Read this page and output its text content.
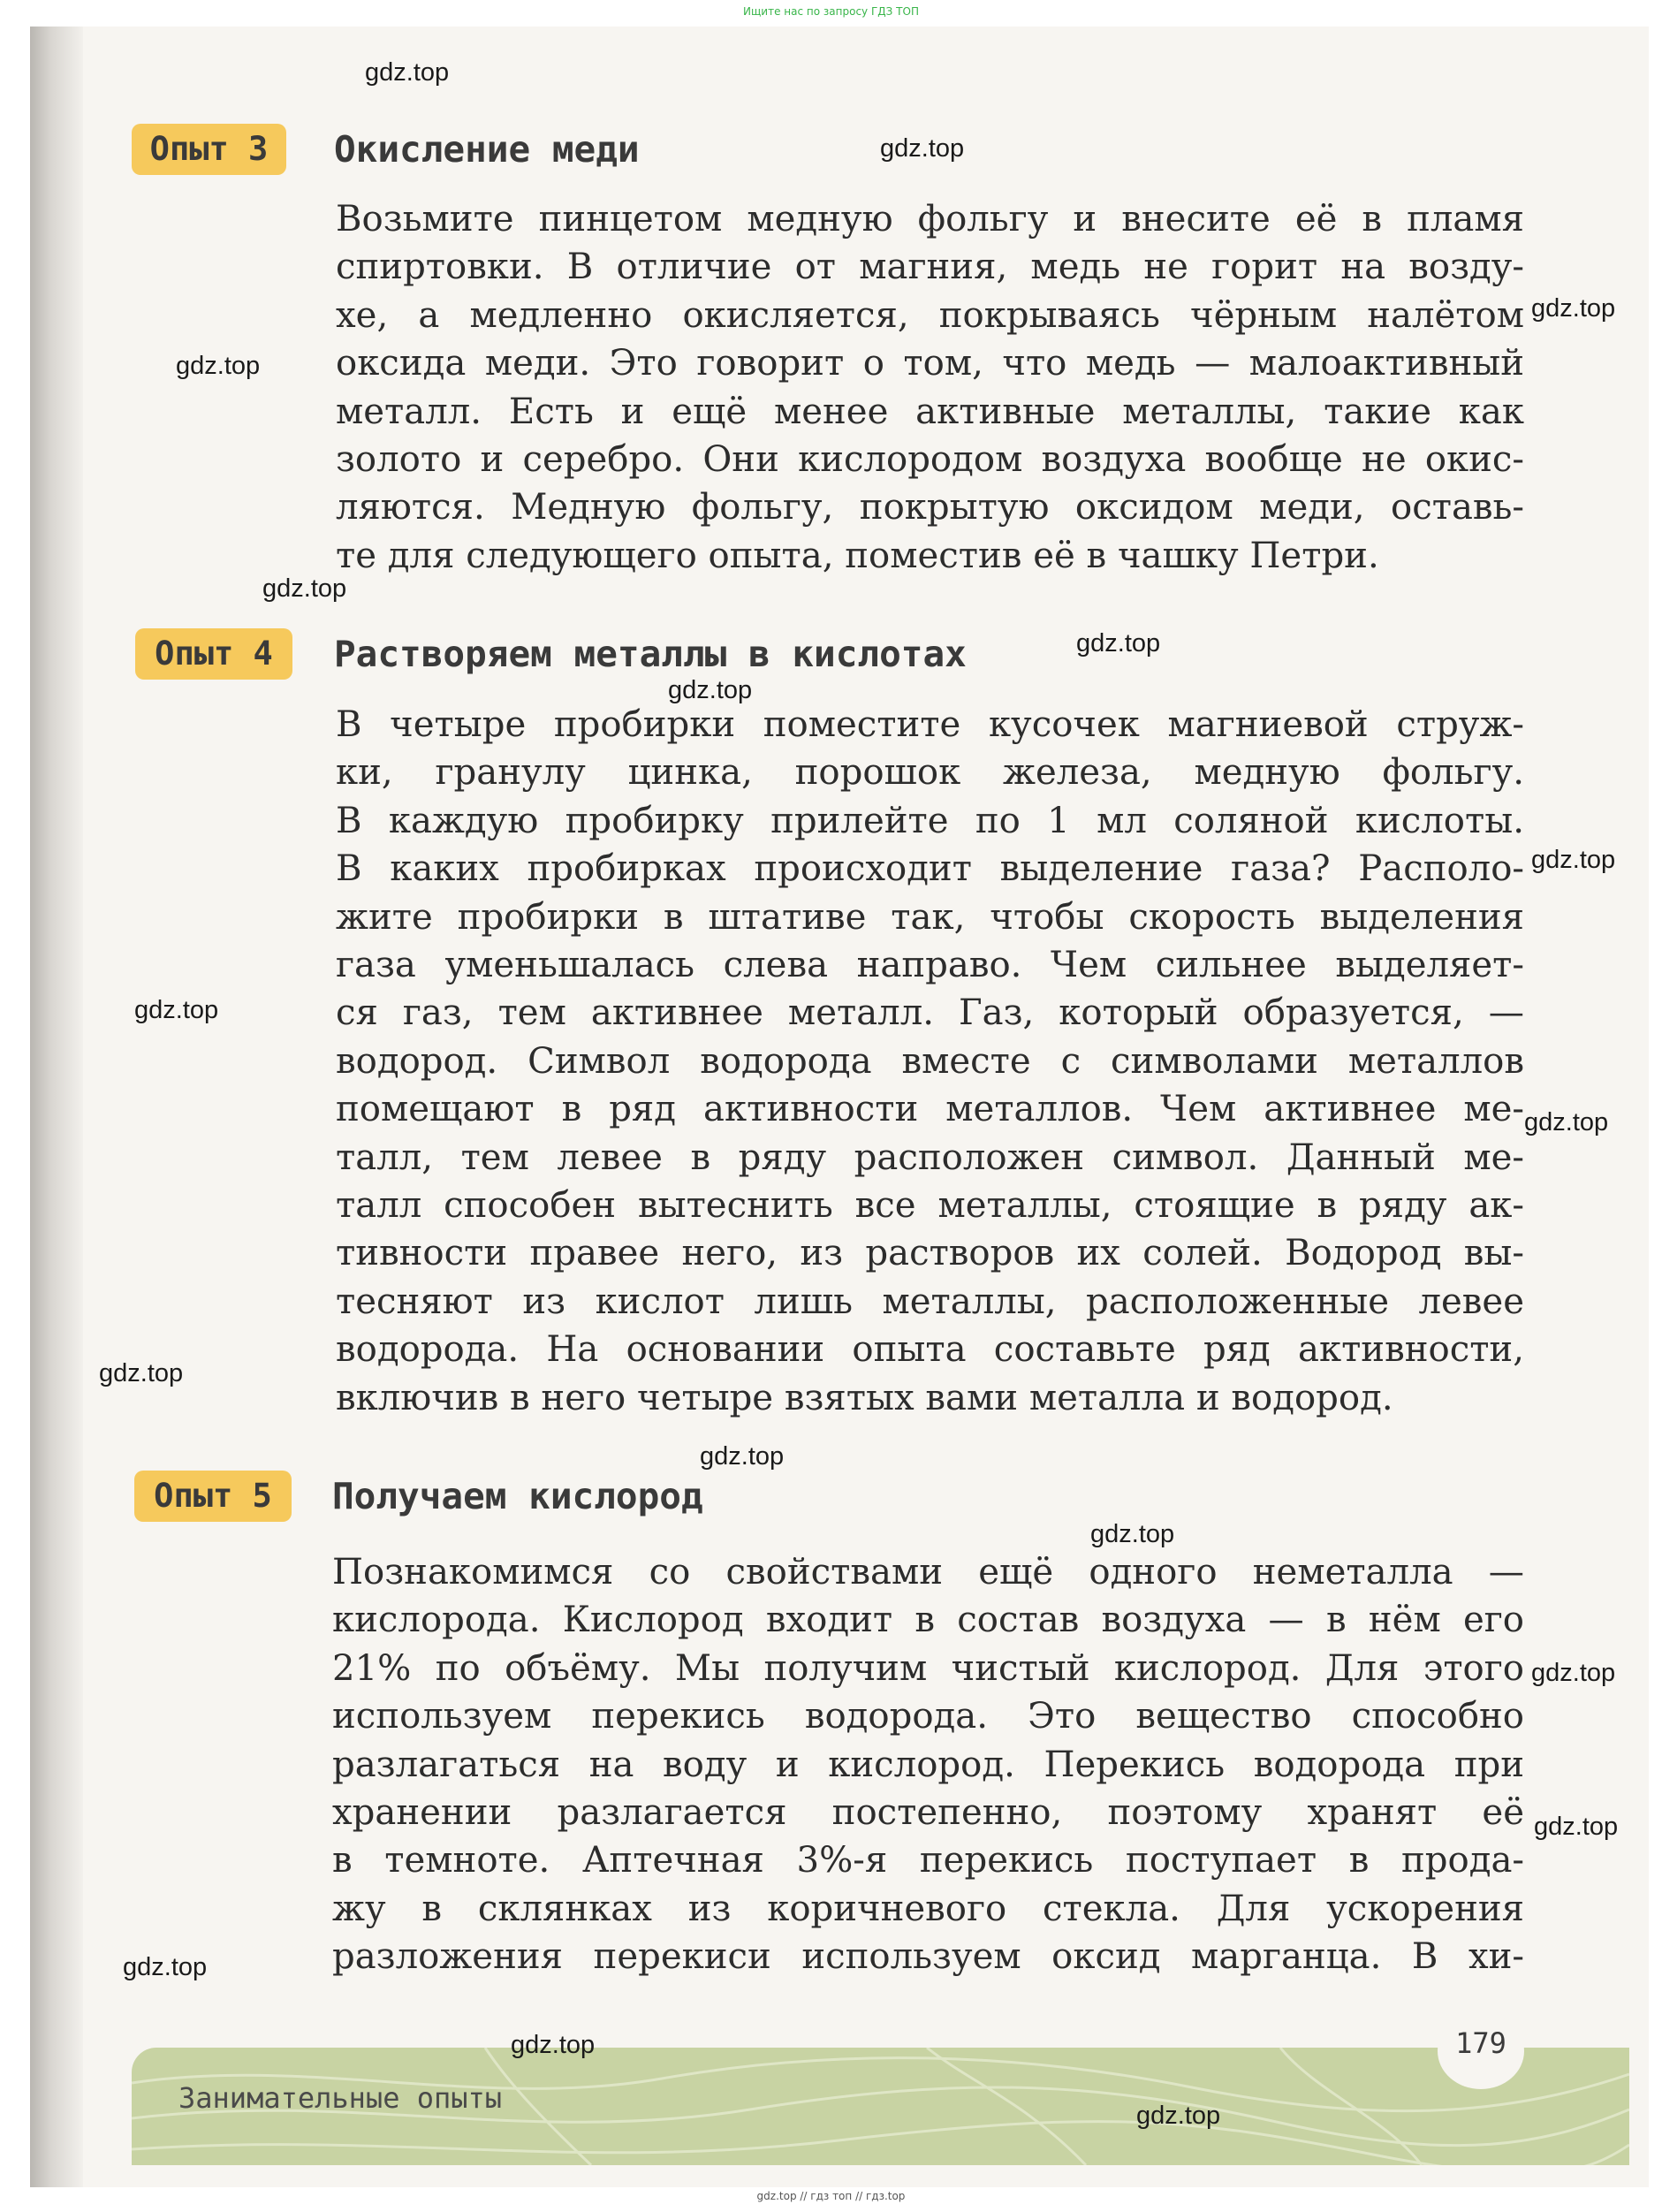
Ищите нас по запросу ГДЗ ТОП
Опыт 3	Окисление меди
Возьмите пинцетом медную фольгу и внесите её в пламя
спиртовки. В отличие от магния, медь не горит на возду-
хе, а медленно окисляется, покрываясь чёрным налётом
оксида меди. Это говорит о том, что медь — малоактивный
металл. Есть и ещё менее активные металлы, такие как
золото и серебро. Они кислородом воздуха вообще не окис-
ляются. Медную фольгу, покрытую оксидом меди, оставь-
те для следующего опыта, поместив её в чашку Петри.
Опыт 4	Растворяем металлы в кислотах
В четыре пробирки поместите кусочек магниевой струж-
ки, гранулу цинка, порошок железа, медную фольгу.
В каждую пробирку прилейте по 1 мл соляной кислоты.
В каких пробирках происходит выделение газа? Располо-
жите пробирки в штативе так, чтобы скорость выделения
газа уменьшалась слева направо. Чем сильнее выделяет-
ся газ, тем активнее металл. Газ, который образуется, —
водород. Символ водорода вместе с символами металлов
помещают в ряд активности металлов. Чем активнее ме-
талл, тем левее в ряду расположен символ. Данный ме-
талл способен вытеснить все металлы, стоящие в ряду ак-
тивности правее него, из растворов их солей. Водород вы-
тесняют из кислот лишь металлы, расположенные левее
водорода. На основании опыта составьте ряд активности,
включив в него четыре взятых вами металла и водород.
Опыт 5	Получаем кислород
Познакомимся со свойствами ещё одного неметалла —
кислорода. Кислород входит в состав воздуха — в нём его
21% по объёму. Мы получим чистый кислород. Для этого
используем перекись водорода. Это вещество способно
разлагаться на воду и кислород. Перекись водорода при
хранении разлагается постепенно, поэтому хранят её
в темноте. Аптечная 3%-я перекись поступает в прода-
жу в склянках из коричневого стекла. Для ускорения
разложения перекиси используем оксид марганца. В хи-
179
Занимательные опыты
gdz.top
gdz.top
gdz.top
gdz.top
gdz.top
gdz.top
gdz.top
gdz.top
gdz.top
gdz.top
gdz.top
gdz.top
gdz.top
gdz.top
gdz.top
gdz.top
gdz.top
gdz.top
gdz.top // гдз топ // гдз.top
